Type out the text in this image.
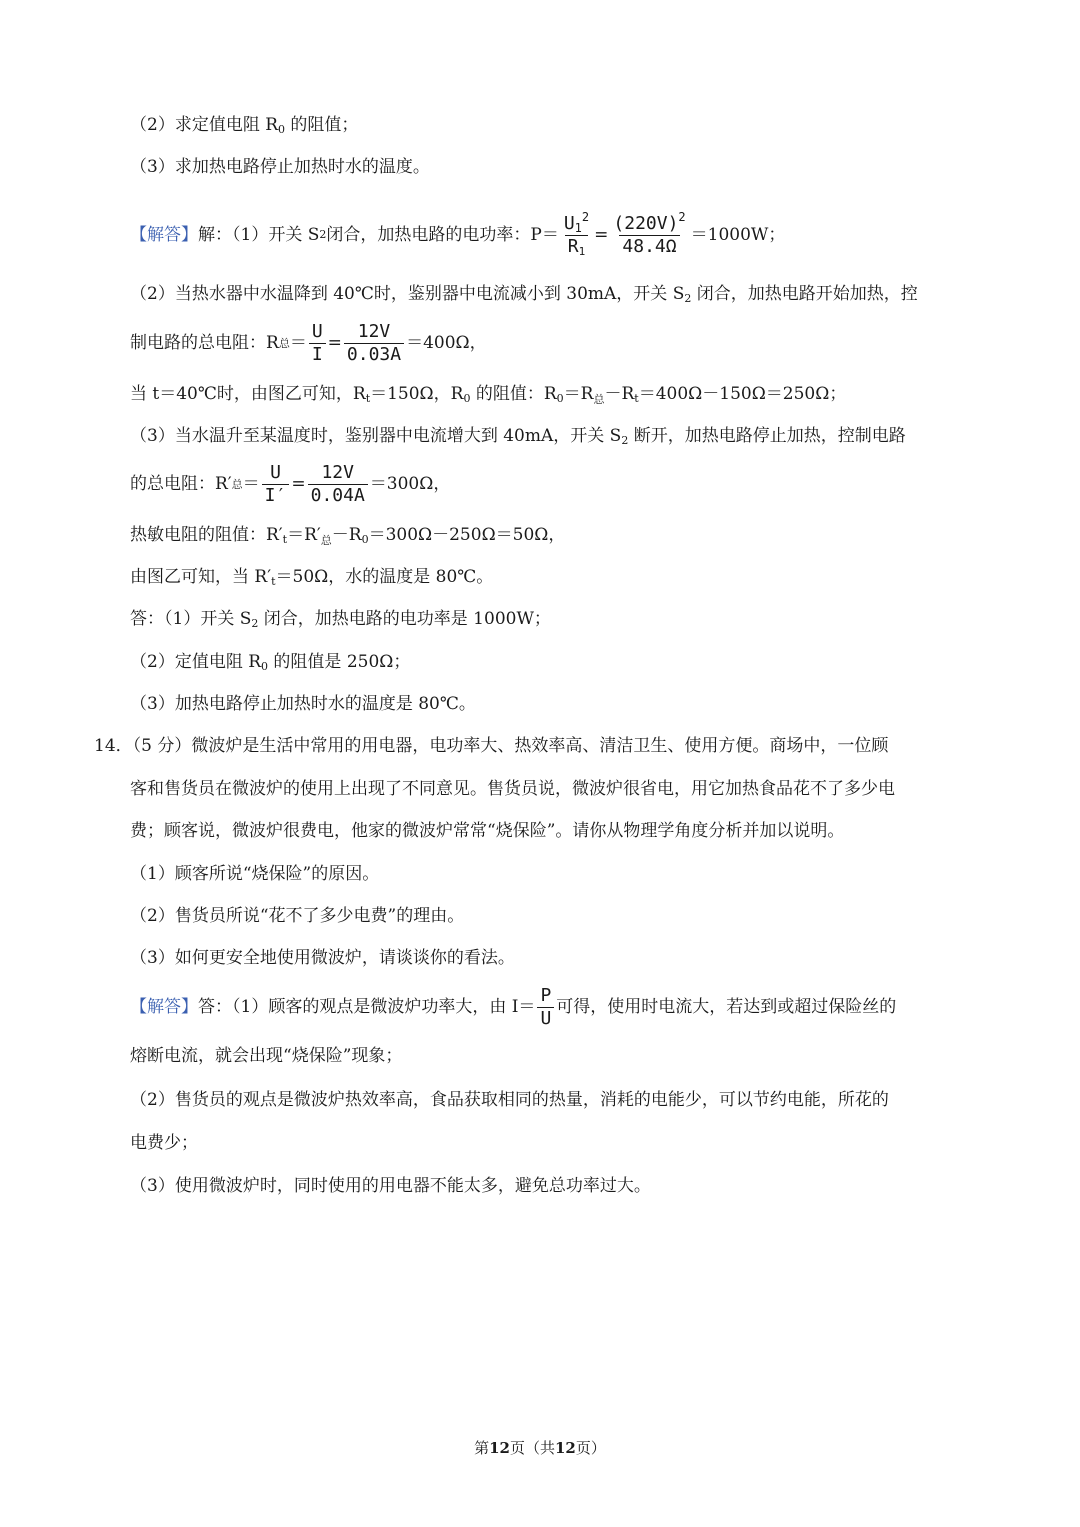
（2）求定值电阻 $R_0$ 的阻值；
（3）求加热电路停止加热时水的温度。
【解答】 解：（1）开关 S 2 闭合，加热电路的电功率：$P= \frac{U_1^2}{R_1} = \frac{(220V)^2}{48.4\Omega} =1000W$；
（2）当热水器中水温降到 40℃时，鉴别器中电流减小到 30mA，开关 $S_2$ 闭合，加热电路开始加热，控
制电路的总电阻：R 总 ＝ $\frac{U}{I} = \frac{12V}{0.03A} =400\Omega$，
当 t＝40℃时，由图乙可知，$R_t=150\Omega$，$R_0$ 的阻值：$R_0=R_总-R_t=400\Omega-150\Omega=250\Omega$；
（3）当水温升至某温度时，鉴别器中电流增大到 40mA，开关 $S_2$ 断开，加热电路停止加热，控制电路
的总电阻：R′ 总 ＝ $\frac{U}{I'} = \frac{12V}{0.04A} =300\Omega$，
热敏电阻的阻值：$R'_t=R'_总-R_0=300\Omega-250\Omega=50\Omega$，
由图乙可知，当 $R'_t=50\Omega$，水的温度是 80℃。
答：（1）开关 $S_2$ 闭合，加热电路的电功率是 1000W；
（2）定值电阻 $R_0$ 的阻值是 250Ω；
（3）加热电路停止加热时水的温度是 80℃。
14．（5 分）微波炉是生活中常用的用电器，电功率大、热效率高、清洁卫生、使用方便。商场中，一位顾
客和售货员在微波炉的使用上出现了不同意见。售货员说，微波炉很省电，用它加热食品花不了多少电
费；顾客说，微波炉很费电，他家的微波炉常常“烧保险”。请你从物理学角度分析并加以说明。
（1）顾客所说“烧保险”的原因。
（2）售货员所说“花不了多少电费”的理由。
（3）如何更安全地使用微波炉，请谈谈你的看法。
【解答】 答：（1）顾客的观点是微波炉功率大，由 $I= \frac{P}{U}$ 可得，使用时电流大，若达到或超过保险丝的
熔断电流，就会出现“烧保险”现象；
（2）售货员的观点是微波炉热效率高，食品获取相同的热量，消耗的电能少，可以节约电能，所花的
电费少；
（3）使用微波炉时，同时使用的用电器不能太多，避免总功率过大。
第12页（共12页）
